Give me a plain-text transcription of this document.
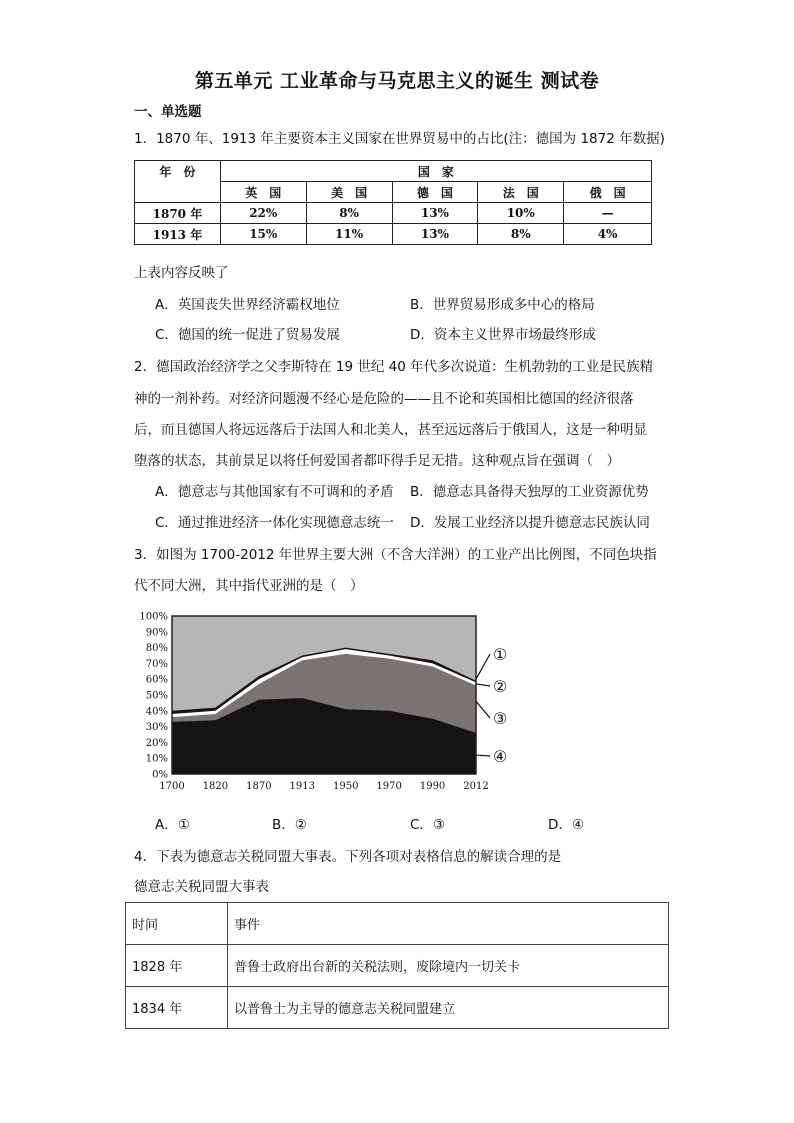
第五单元 工业革命与马克思主义的诞生 测试卷
一、单选题
1．1870 年、1913 年主要资本主义国家在世界贸易中的占比(注：德国为 1872 年数据)
年　份	国　家				
	英　国	美　国	德　国	法　国	俄　国
1870 年	22%	8%	13%	10%	—
1913 年	15%	11%	13%	8%	4%
上表内容反映了
A．英国丧失世界经济霸权地位	B．世界贸易形成多中心的格局
C．德国的统一促进了贸易发展	D．资本主义世界市场最终形成
2．德国政治经济学之父李斯特在 19 世纪 40 年代多次说道：生机勃勃的工业是民族精
神的一剂补药。对经济问题漫不经心是危险的——且不论和英国相比德国的经济很落
后，而且德国人将远远落后于法国人和北美人，甚至远远落后于俄国人，这是一种明显
堕落的状态，其前景足以将任何爱国者都吓得手足无措。这种观点旨在强调（　）
A．德意志与其他国家有不可调和的矛盾 B．德意志具备得天独厚的工业资源优势
C．通过推进经济一体化实现德意志统一 D．发展工业经济以提升德意志民族认同
3．如图为 1700-2012 年世界主要大洲（不含大洋洲）的工业产出比例图，不同色块指
代不同大洲，其中指代亚洲的是（　）
0%
10%
20%
30%
40%
50%
60%
70%
80%
90%
100%
1700 1820 1870 1913 1950 1970 1990 2012
①
②
③
④
A．①	B．②	C．③	D．④
4．下表为德意志关税同盟大事表。下列各项对表格信息的解读合理的是
德意志关税同盟大事表
时间	事件
1828 年	普鲁士政府出台新的关税法则，废除境内一切关卡
1834 年	以普鲁士为主导的德意志关税同盟建立
